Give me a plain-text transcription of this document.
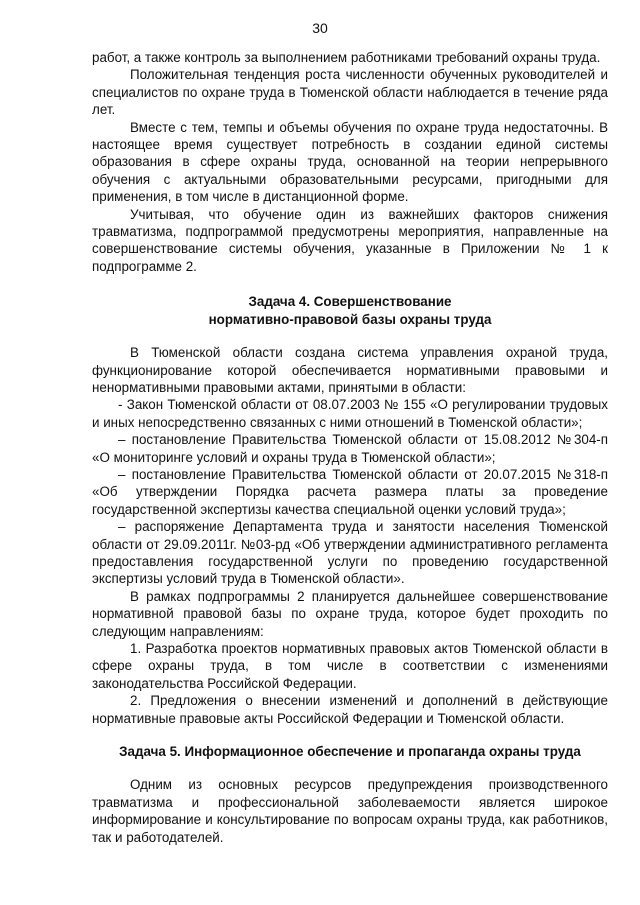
30

работ, а также контроль за выполнением работниками требований охраны труда.

Положительная тенденция роста численности обученных руководителей и специалистов по охране труда в Тюменской области наблюдается в течение ряда лет.

Вместе с тем, темпы и объемы обучения по охране труда недостаточны. В настоящее время существует потребность в создании единой системы образования в сфере охраны труда, основанной на теории непрерывного обучения с актуальными образовательными ресурсами, пригодными для применения, в том числе в дистанционной форме.

Учитывая, что обучение один из важнейших факторов снижения травматизма, подпрограммой предусмотрены мероприятия, направленные на совершенствование системы обучения, указанные в Приложении № 1 к подпрограмме 2.

Задача 4. Совершенствование

нормативно-правовой базы охраны труда

В Тюменской области создана система управления охраной труда, функционирование которой обеспечивается нормативными правовыми и ненормативными правовыми актами, принятыми в области:

- Закон Тюменской области от 08.07.2003 № 155 «О регулировании трудовых и иных непосредственно связанных с ними отношений в Тюменской области»;

– постановление Правительства Тюменской области от 15.08.2012 №304-п «О мониторинге условий и охраны труда в Тюменской области»;

– постановление Правительства Тюменской области от 20.07.2015 №318-п «Об утверждении Порядка расчета размера платы за проведение государственной экспертизы качества специальной оценки условий труда»;

– распоряжение Департамента труда и занятости населения Тюменской области от 29.09.2011г. №03-рд «Об утверждении административного регламента предоставления государственной услуги по проведению государственной экспертизы условий труда в Тюменской области».

В рамках подпрограммы 2 планируется дальнейшее совершенствование нормативной правовой базы по охране труда, которое будет проходить по следующим направлениям:

1. Разработка проектов нормативных правовых актов Тюменской области в сфере охраны труда, в том числе в соответствии с изменениями законодательства Российской Федерации.

2. Предложения о внесении изменений и дополнений в действующие нормативные правовые акты Российской Федерации и Тюменской области.

Задача 5. Информационное обеспечение и пропаганда охраны труда

Одним из основных ресурсов предупреждения производственного травматизма и профессиональной заболеваемости является широкое информирование и консультирование по вопросам охраны труда, как работников, так и работодателей.
